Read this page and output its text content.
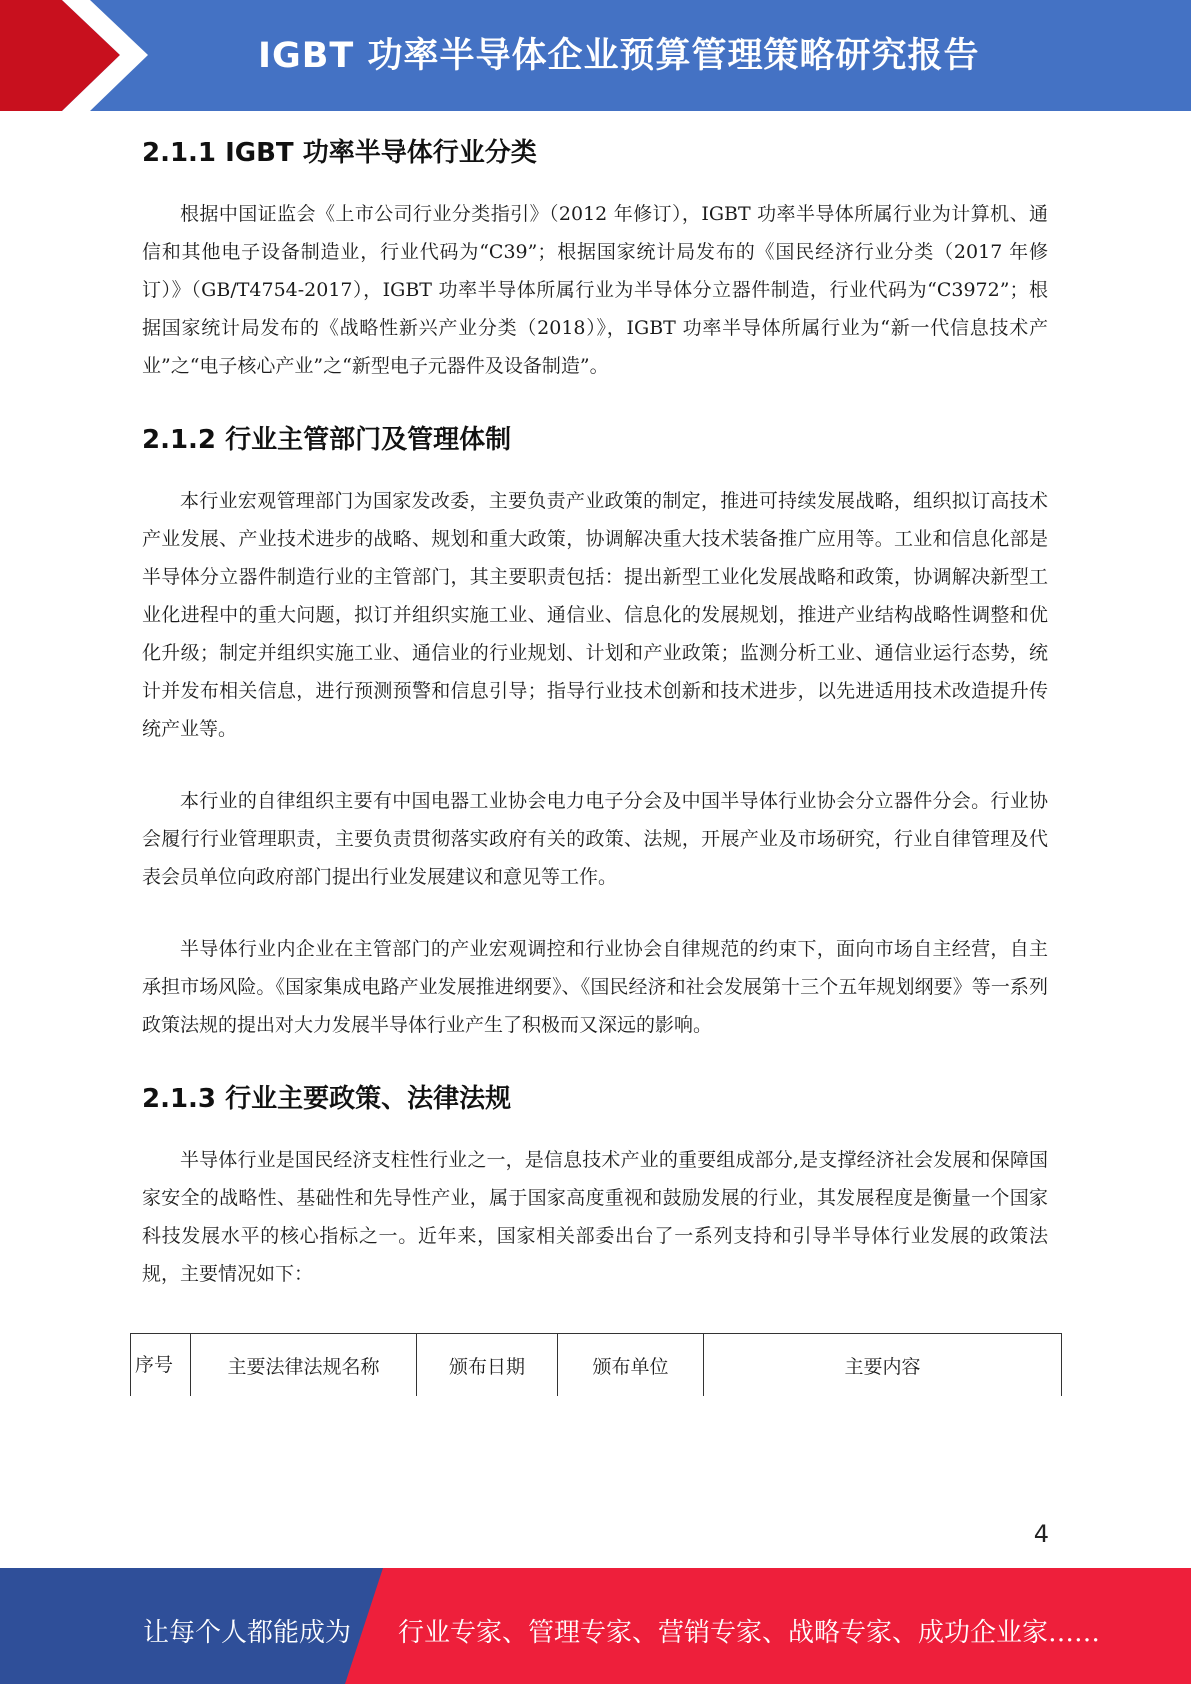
IGBT 功率半导体企业预算管理策略研究报告
2.1.1 IGBT 功率半导体行业分类

根据中国证监会《上市公司行业分类指引》（2012 年修订），IGBT 功率半导体所属行业为计算机、通信和其他电子设备制造业，行业代码为“C39”；根据国家统计局发布的《国民经济行业分类（2017 年修订）》（GB/T4754-2017），IGBT 功率半导体所属行业为半导体分立器件制造，行业代码为“C3972”；根据国家统计局发布的《战略性新兴产业分类（2018）》，IGBT 功率半导体所属行业为“新一代信息技术产业”之“电子核心产业”之“新型电子元器件及设备制造”。

2.1.2 行业主管部门及管理体制

本行业宏观管理部门为国家发改委，主要负责产业政策的制定，推进可持续发展战略，组织拟订高技术产业发展、产业技术进步的战略、规划和重大政策，协调解决重大技术装备推广应用等。工业和信息化部是半导体分立器件制造行业的主管部门，其主要职责包括：提出新型工业化发展战略和政策，协调解决新型工业化进程中的重大问题，拟订并组织实施工业、通信业、信息化的发展规划，推进产业结构战略性调整和优化升级；制定并组织实施工业、通信业的行业规划、计划和产业政策；监测分析工业、通信业运行态势，统计并发布相关信息，进行预测预警和信息引导；指导行业技术创新和技术进步，以先进适用技术改造提升传统产业等。

本行业的自律组织主要有中国电器工业协会电力电子分会及中国半导体行业协会分立器件分会。行业协会履行行业管理职责，主要负责贯彻落实政府有关的政策、法规，开展产业及市场研究，行业自律管理及代表会员单位向政府部门提出行业发展建议和意见等工作。

半导体行业内企业在主管部门的产业宏观调控和行业协会自律规范的约束下，面向市场自主经营，自主承担市场风险。《国家集成电路产业发展推进纲要》、《国民经济和社会发展第十三个五年规划纲要》等一系列政策法规的提出对大力发展半导体行业产生了积极而又深远的影响。

2.1.3 行业主要政策、法律法规

半导体行业是国民经济支柱性行业之一，是信息技术产业的重要组成部分,是支撑经济社会发展和保障国家安全的战略性、基础性和先导性产业，属于国家高度重视和鼓励发展的行业，其发展程度是衡量一个国家科技发展水平的核心指标之一。近年来，国家相关部委出台了一系列支持和引导半导体行业发展的政策法规，主要情况如下：

序号	主要法律法规名称	颁布日期	颁布单位	主要内容
4
让每个人都能成为 行业专家、管理专家、营销专家、战略专家、成功企业家……
